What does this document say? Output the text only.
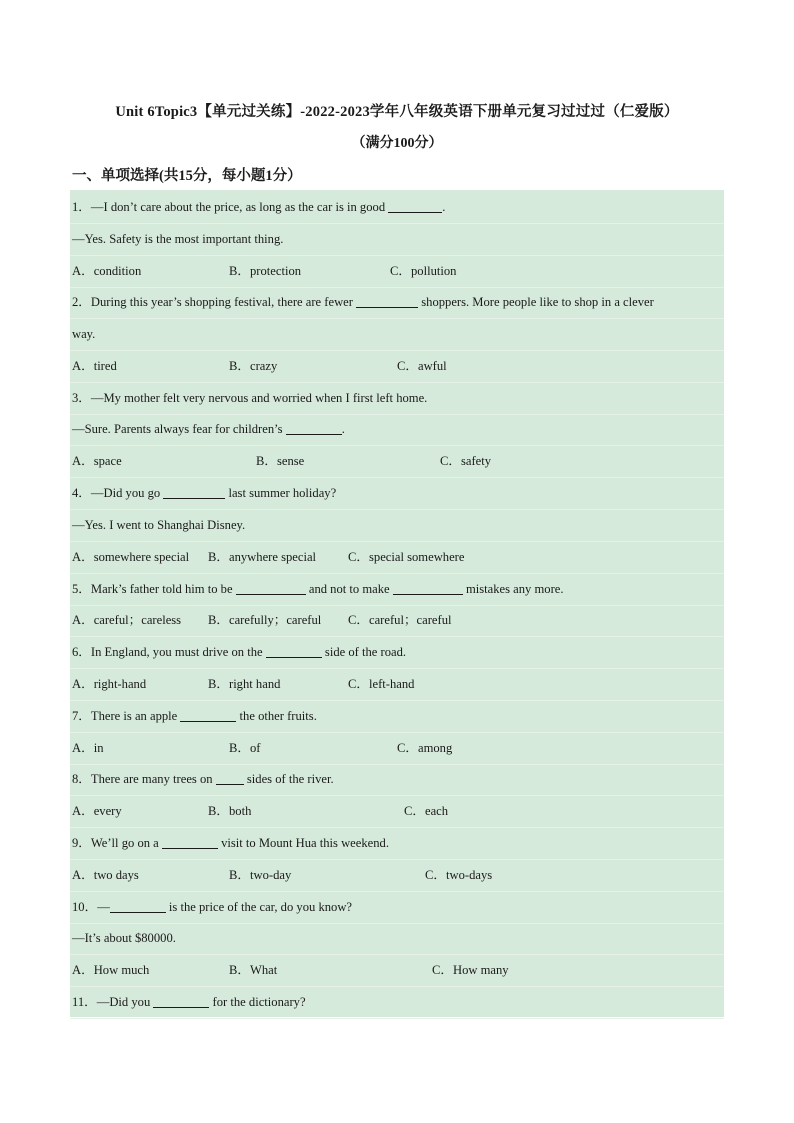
Unit 6Topic3【单元过关练】-2022-2023学年八年级英语下册单元复习过过过（仁爱版）
（满分100分）
一、单项选择(共15分，每小题1分）
1．—I don’t care about the price, as long as the car is in good	.
—Yes. Safety is the most important thing.
A．condition	B．protection	C．pollution
2．During this year’s shopping festival, there are fewer	shoppers. More people like to shop in a clever
way.
A．tired	B．crazy	C．awful
3．—My mother felt very nervous and worried when I first left home.
—Sure. Parents always fear for children’s	.
A．space	B．sense	C．safety
4．—Did you go	last summer holiday?
—Yes. I went to Shanghai Disney.
A．somewhere special B．anywhere special	C．special somewhere
5．Mark’s father told him to be	and not to make	mistakes any more.
A．careful；careless B．carefully；careful C．careful；careful
6．In England, you must drive on the	side of the road.
A．right-hand	B．right hand	C．left-hand
7．There is an apple	the other fruits.
A．in	B．of	C．among
8．There are many trees on  sides of the river.
A．every	B．both	C．each
9．We’ll go on a	visit to Mount Hua this weekend.
A．two days	B．two-day	C．two-days
10．—	is the price of the car, do you know?
—It’s about $80000.
A．How much	B．What	C．How many
11．—Did you	for the dictionary?
